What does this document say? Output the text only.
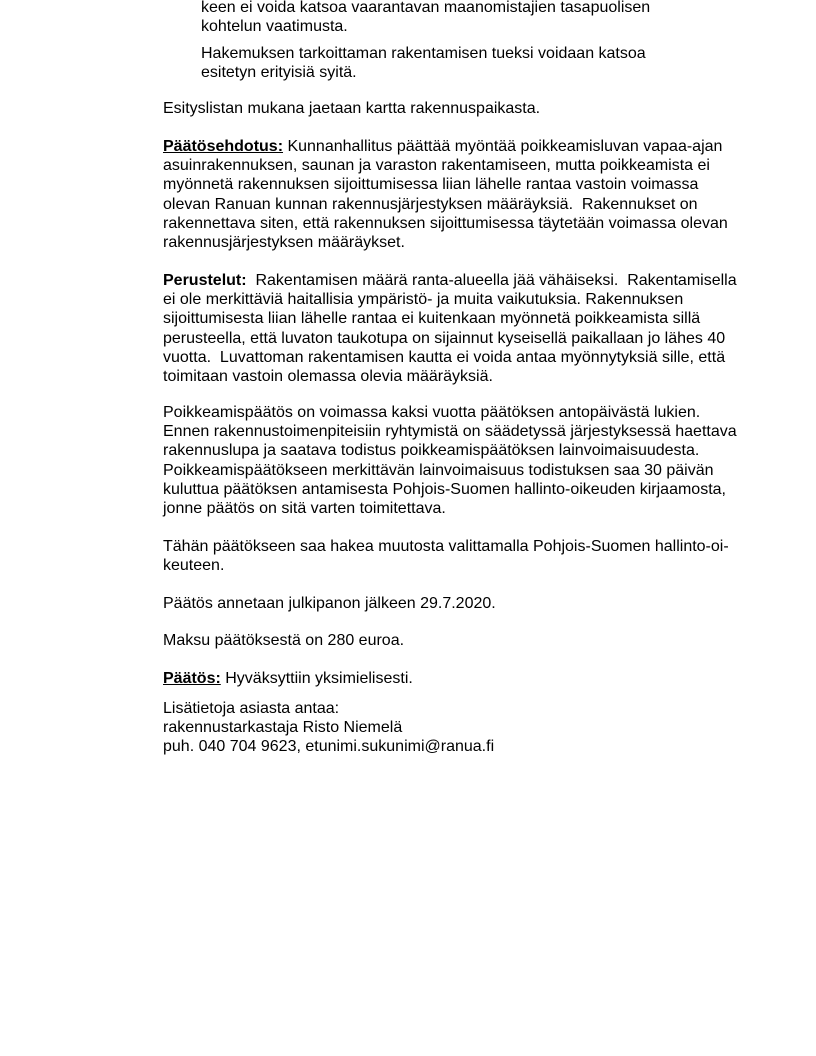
keen ei voida katsoa vaarantavan maanomistajien tasapuolisen
kohtelun vaatimusta.
Hakemuksen tarkoittaman rakentamisen tueksi voidaan katsoa
esitetyn erityisiä syitä.
Esityslistan mukana jaetaan kartta rakennuspaikasta.
Päätösehdotus: Kunnanhallitus päättää myöntää poikkeamisluvan vapaa-ajan
asuinrakennuksen, saunan ja varaston rakentamiseen, mutta poikkeamista ei
myönnetä rakennuksen sijoittumisessa liian lähelle rantaa vastoin voimassa
olevan Ranuan kunnan rakennusjärjestyksen määräyksiä.  Rakennukset on
rakennettava siten, että rakennuksen sijoittumisessa täytetään voimassa olevan
rakennusjärjestyksen määräykset.
Perustelut:  Rakentamisen määrä ranta-alueella jää vähäiseksi.  Rakentamisella
ei ole merkittäviä haitallisia ympäristö- ja muita vaikutuksia. Rakennuksen
sijoittumisesta liian lähelle rantaa ei kuitenkaan myönnetä poikkeamista sillä
perusteella, että luvaton taukotupa on sijainnut kyseisellä paikallaan jo lähes 40
vuotta.  Luvattoman rakentamisen kautta ei voida antaa myönnytyksiä sille, että
toimitaan vastoin olemassa olevia määräyksiä.
Poikkeamispäätös on voimassa kaksi vuotta päätöksen antopäivästä lukien.
Ennen rakennustoimenpiteisiin ryhtymistä on säädetyssä järjestyksessä haettava
rakennuslupa ja saatava todistus poikkeamispäätöksen lainvoimaisuudesta.
Poikkeamispäätökseen merkittävän lainvoimaisuus todistuksen saa 30 päivän
kuluttua päätöksen antamisesta Pohjois-Suomen hallinto-oikeuden kirjaamosta,
jonne päätös on sitä varten toimitettava.
Tähän päätökseen saa hakea muutosta valittamalla Pohjois-Suomen hallinto-oi-
keuteen.
Päätös annetaan julkipanon jälkeen 29.7.2020.
Maksu päätöksestä on 280 euroa.
Päätös: Hyväksyttiin yksimielisesti.
Lisätietoja asiasta antaa:
rakennustarkastaja Risto Niemelä
puh. 040 704 9623, etunimi.sukunimi@ranua.fi
